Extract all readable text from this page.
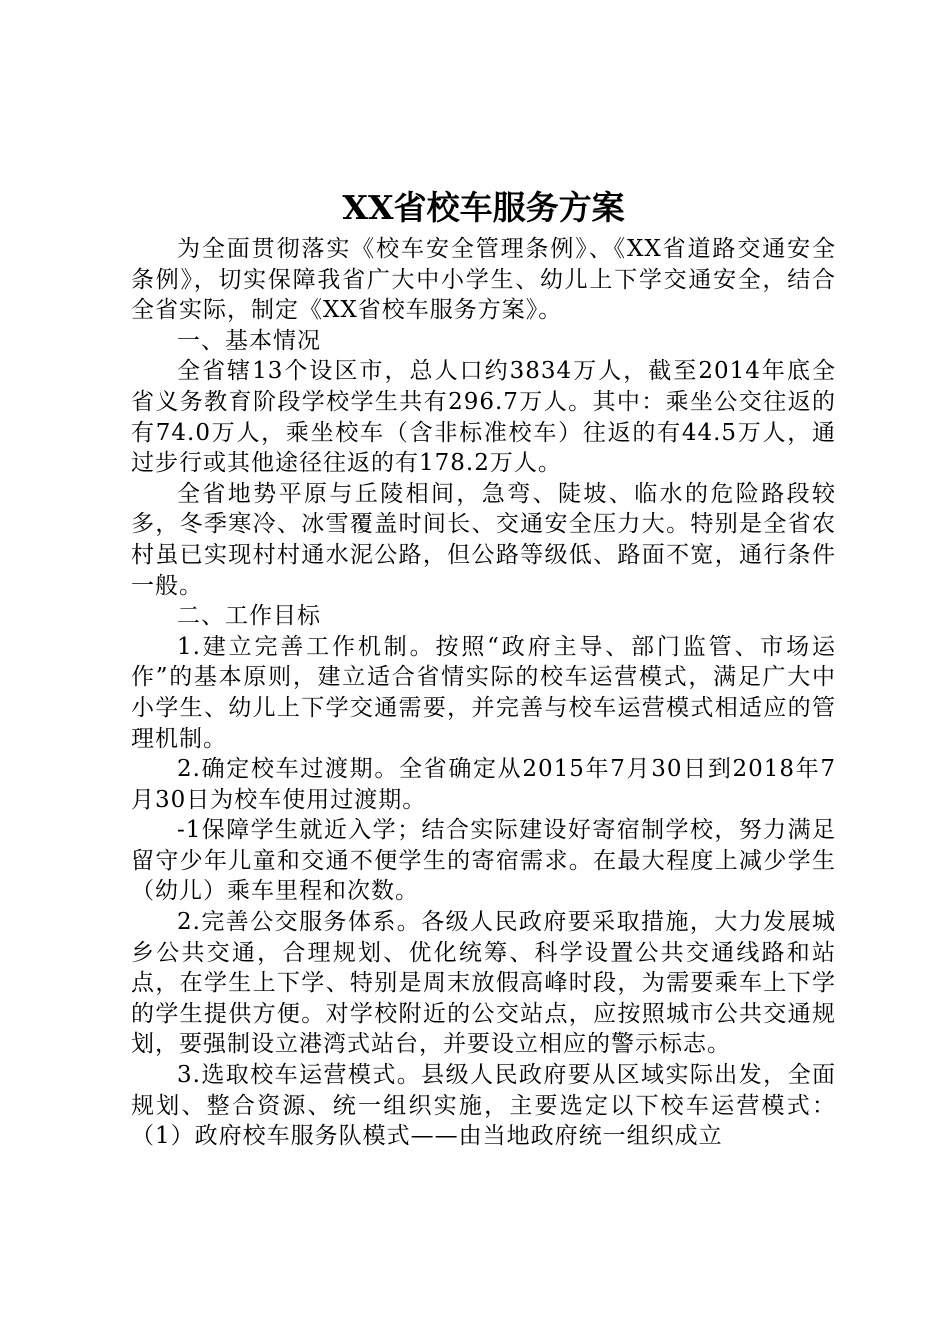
XX省校车服务方案

为全面贯彻落实《校车安全管理条例》、《XX省道路交通安全条例》，切实保障我省广大中小学生、幼儿上下学交通安全，结合全省实际，制定《XX省校车服务方案》。

一、基本情况

全省辖13个设区市，总人口约3834万人，截至2014年底全省义务教育阶段学校学生共有296.7万人。其中：乘坐公交往返的有74.0万人，乘坐校车（含非标准校车）往返的有44.5万人，通过步行或其他途径往返的有178.2万人。

全省地势平原与丘陵相间，急弯、陡坡、临水的危险路段较多，冬季寒冷、冰雪覆盖时间长、交通安全压力大。特别是全省农村虽已实现村村通水泥公路，但公路等级低、路面不宽，通行条件一般。

二、工作目标

1.建立完善工作机制。按照“政府主导、部门监管、市场运作”的基本原则，建立适合省情实际的校车运营模式，满足广大中小学生、幼儿上下学交通需要，并完善与校车运营模式相适应的管理机制。

2.确定校车过渡期。全省确定从2015年7月30日到2018年7月30日为校车使用过渡期。

-1保障学生就近入学；结合实际建设好寄宿制学校，努力满足留守少年儿童和交通不便学生的寄宿需求。在最大程度上减少学生（幼儿）乘车里程和次数。

2.完善公交服务体系。各级人民政府要采取措施，大力发展城乡公共交通，合理规划、优化统筹、科学设置公共交通线路和站点，在学生上下学、特别是周末放假高峰时段，为需要乘车上下学的学生提供方便。对学校附近的公交站点，应按照城市公共交通规划，要强制设立港湾式站台，并要设立相应的警示标志。

3.选取校车运营模式。县级人民政府要从区域实际出发，全面规划、整合资源、统一组织实施，主要选定以下校车运营模式：（1）政府校车服务队模式——由当地政府统一组织成立
